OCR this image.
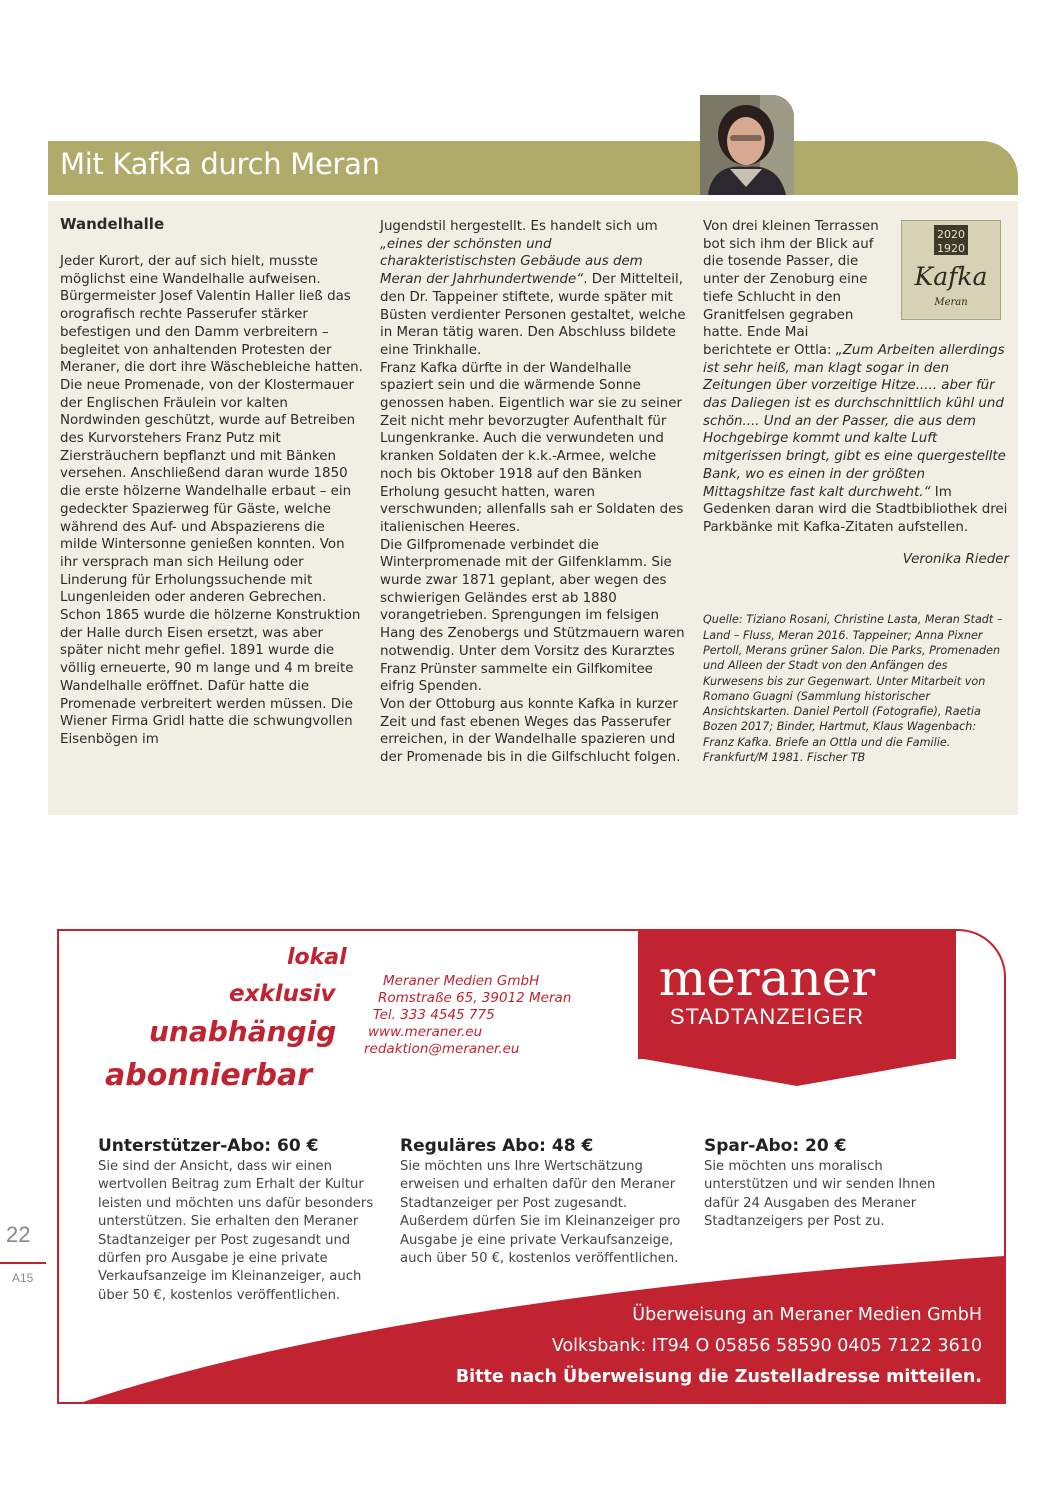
Mit Kafka durch Meran

Wandelhalle

Jeder Kurort, der auf sich hielt, musste möglichst eine Wandelhalle aufweisen. Bürgermeister Josef Valentin Haller ließ das orografisch rechte Passerufer stärker befestigen und den Damm verbreitern – begleitet von anhaltenden Protesten der Meraner, die dort ihre Wäschebleiche hatten. Die neue Promenade, von der Klostermauer der Englischen Fräulein vor kalten Nordwinden geschützt, wurde auf Betreiben des Kurvorstehers Franz Putz mit Ziersträuchern bepflanzt und mit Bänken versehen. Anschließend daran wurde 1850 die erste hölzerne Wandelhalle erbaut – ein gedeckter Spazierweg für Gäste, welche während des Auf- und Abspazierens die milde Wintersonne genießen konnten. Von ihr versprach man sich Heilung oder Linderung für Erholungssuchende mit Lungenleiden oder anderen Gebrechen.

Schon 1865 wurde die hölzerne Konstruktion der Halle durch Eisen ersetzt, was aber später nicht mehr gefiel. 1891 wurde die völlig erneuerte, 90 m lange und 4 m breite Wandelhalle eröffnet. Dafür hatte die Promenade verbreitert werden müssen. Die Wiener Firma Gridl hatte die schwungvollen Eisenbögen im

Jugendstil hergestellt. Es handelt sich um „eines der schönsten und charakteristischsten Gebäude aus dem Meran der Jahrhundertwende“. Der Mittelteil, den Dr. Tappeiner stiftete, wurde später mit Büsten verdienter Personen gestaltet, welche in Meran tätig waren. Den Abschluss bildete eine Trinkhalle.

Franz Kafka dürfte in der Wandelhalle spaziert sein und die wärmende Sonne genossen haben. Eigentlich war sie zu seiner Zeit nicht mehr bevorzugter Aufenthalt für Lungenkranke. Auch die verwundeten und kranken Soldaten der k.k.-Armee, welche noch bis Oktober 1918 auf den Bänken Erholung gesucht hatten, waren verschwunden; allenfalls sah er Soldaten des italienischen Heeres.

Die Gilfpromenade verbindet die Winterpromenade mit der Gilfenklamm. Sie wurde zwar 1871 geplant, aber wegen des schwierigen Geländes erst ab 1880 vorangetrieben. Sprengungen im felsigen Hang des Zenobergs und Stützmauern waren notwendig. Unter dem Vorsitz des Kurarztes Franz Prünster sammelte ein Gilfkomitee eifrig Spenden.

Von der Ottoburg aus konnte Kafka in kurzer Zeit und fast ebenen Weges das Passerufer erreichen, in der Wandelhalle spazieren und der Promenade bis in die Gilfschlucht folgen.

Von drei kleinen Terrassen bot sich ihm der Blick auf die tosende Passer, die unter der Zenoburg eine tiefe Schlucht in den Granitfelsen gegraben hatte. Ende Mai
berichtete er Ottla: „Zum Arbeiten allerdings ist sehr heiß, man klagt sogar in den Zeitungen über vorzeitige Hitze..... aber für das Daliegen ist es durchschnittlich kühl und schön.... Und an der Passer, die aus dem Hochgebirge kommt und kalte Luft mitgerissen bringt, gibt es eine quergestellte Bank, wo es einen in der größten Mittagshitze fast kalt durchweht.“ Im Gedenken daran wird die Stadtbibliothek drei Parkbänke mit Kafka-Zitaten aufstellen.

Veronika Rieder

Quelle: Tiziano Rosani, Christine Lasta, Meran Stadt – Land – Fluss, Meran 2016. Tappeiner; Anna Pixner Pertoll, Merans grüner Salon. Die Parks, Promenaden und Alleen der Stadt von den Anfängen des Kurwesens bis zur Gegenwart. Unter Mitarbeit von Romano Guagni (Sammlung historischer Ansichtskarten. Daniel Pertoll (Fotografie), Raetia Bozen 2017; Binder, Hartmut, Klaus Wagenbach: Franz Kafka. Briefe an Ottla und die Familie. Frankfurt/M 1981. Fischer TB

2020
1920
Kafka
Meran
meraner
STADTANZEIGER
lokal
exklusiv
unabhängig
abonnierbar
Meraner Medien GmbH
Romstraße 65, 39012 Meran
Tel. 333 4545 775
www.meraner.eu
redaktion@meraner.eu
Unterstützer-Abo: 60 €

Sie sind der Ansicht, dass wir einen wertvollen Beitrag zum Erhalt der Kultur leisten und möchten uns dafür besonders unterstützen. Sie erhalten den Meraner Stadtanzeiger per Post zugesandt und dürfen pro Ausgabe je eine private Verkaufsanzeige im Kleinanzeiger, auch über 50 €, kostenlos veröffentlichen.

Reguläres Abo: 48 €

Sie möchten uns Ihre Wertschätzung erweisen und erhalten dafür den Meraner Stadtanzeiger per Post zugesandt. Außerdem dürfen Sie im Kleinanzeiger pro Ausgabe je eine private Verkaufsanzeige, auch über 50 €, kostenlos veröffentlichen.

Spar-Abo: 20 €

Sie möchten uns moralisch unterstützen und wir senden Ihnen dafür 24 Ausgaben des Meraner Stadtanzeigers per Post zu.

Überweisung an Meraner Medien GmbH
Volksbank: IT94 O 05856 58590 0405 7122 3610
Bitte nach Überweisung die Zustelladresse mitteilen.
22
A15
